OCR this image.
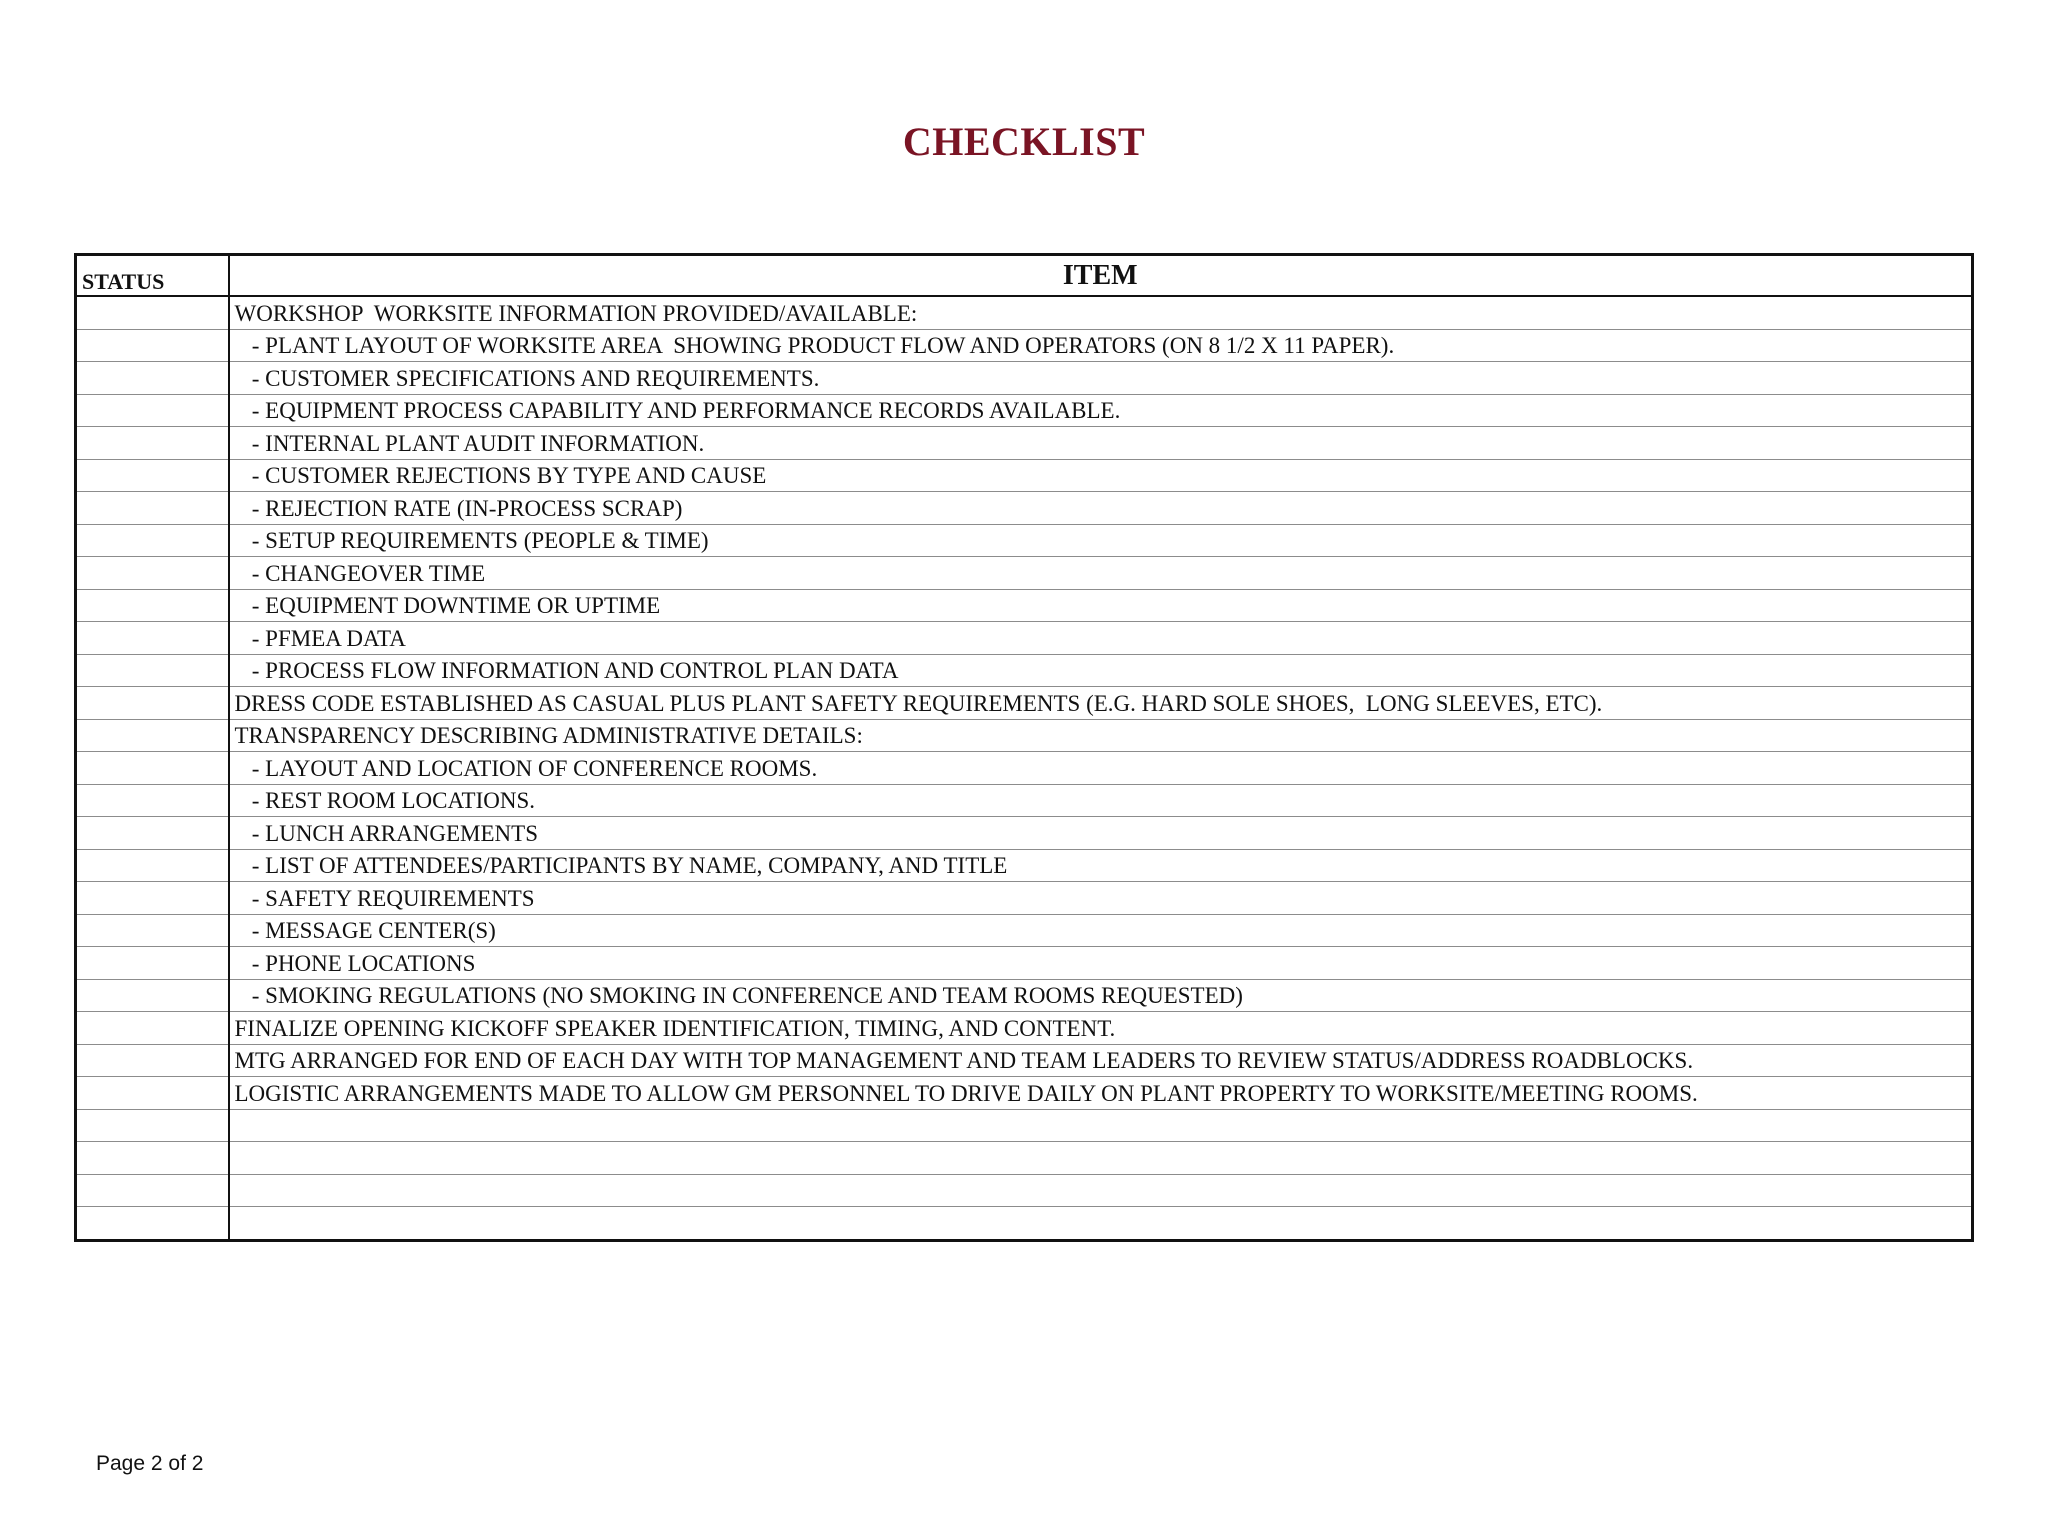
CHECKLIST
STATUS	ITEM
	WORKSHOP  WORKSITE INFORMATION PROVIDED/AVAILABLE:
	- PLANT LAYOUT OF WORKSITE AREA  SHOWING PRODUCT FLOW AND OPERATORS (ON 8 1/2 X 11 PAPER).
	- CUSTOMER SPECIFICATIONS AND REQUIREMENTS.
	- EQUIPMENT PROCESS CAPABILITY AND PERFORMANCE RECORDS AVAILABLE.
	- INTERNAL PLANT AUDIT INFORMATION.
	- CUSTOMER REJECTIONS BY TYPE AND CAUSE
	- REJECTION RATE (IN-PROCESS SCRAP)
	- SETUP REQUIREMENTS (PEOPLE & TIME)
	- CHANGEOVER TIME
	- EQUIPMENT DOWNTIME OR UPTIME
	- PFMEA DATA
	- PROCESS FLOW INFORMATION AND CONTROL PLAN DATA
	DRESS CODE ESTABLISHED AS CASUAL PLUS PLANT SAFETY REQUIREMENTS (E.G. HARD SOLE SHOES,  LONG SLEEVES, ETC).
	TRANSPARENCY DESCRIBING ADMINISTRATIVE DETAILS:
	- LAYOUT AND LOCATION OF CONFERENCE ROOMS.
	- REST ROOM LOCATIONS.
	- LUNCH ARRANGEMENTS
	- LIST OF ATTENDEES/PARTICIPANTS BY NAME, COMPANY, AND TITLE
	- SAFETY REQUIREMENTS
	- MESSAGE CENTER(S)
	- PHONE LOCATIONS
	- SMOKING REGULATIONS (NO SMOKING IN CONFERENCE AND TEAM ROOMS REQUESTED)
	FINALIZE OPENING KICKOFF SPEAKER IDENTIFICATION, TIMING, AND CONTENT.
	MTG ARRANGED FOR END OF EACH DAY WITH TOP MANAGEMENT AND TEAM LEADERS TO REVIEW STATUS/ADDRESS ROADBLOCKS.
	LOGISTIC ARRANGEMENTS MADE TO ALLOW GM PERSONNEL TO DRIVE DAILY ON PLANT PROPERTY TO WORKSITE/MEETING ROOMS.

Page 2 of 2
